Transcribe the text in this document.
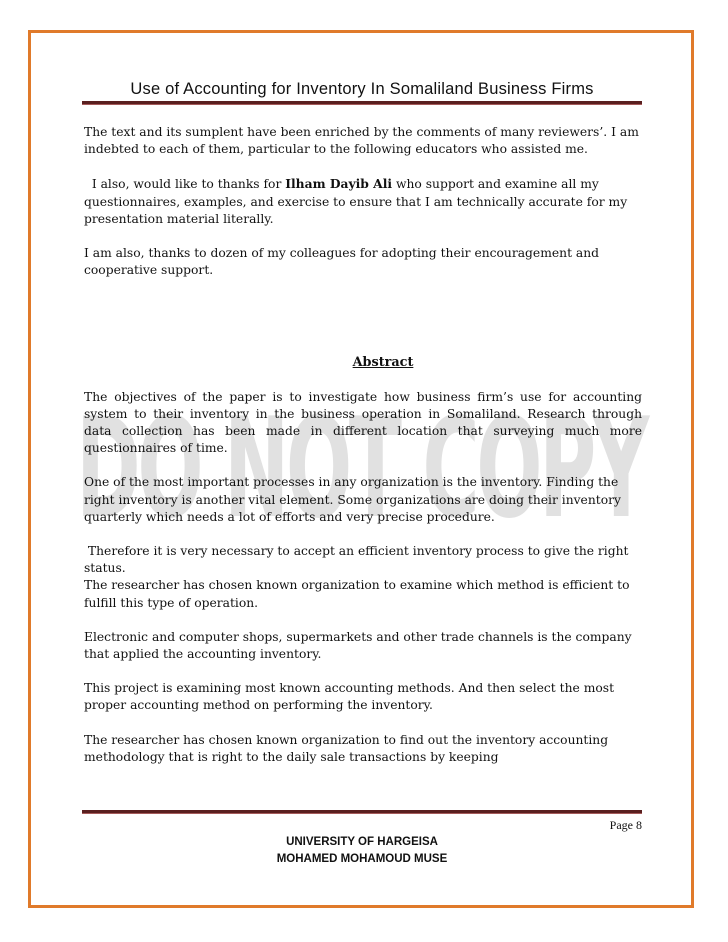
Use of Accounting for Inventory In Somaliland Business Firms
DO NOT COPY

The text and its sumplent have been enriched by the comments of many reviewers’. I am indebted to each of them, particular to the following educators who assisted me.

I also, would like to thanks for Ilham Dayib Ali who support and examine all my questionnaires, examples, and exercise to ensure that I am technically accurate for my presentation material literally.

I am also, thanks to dozen of my colleagues for adopting their encouragement and cooperative support.

Abstract

The objectives of the paper is to investigate how business firm’s use for accounting system to their inventory in the business operation in Somaliland. Research through data collection has been made in different location that surveying much more questionnaires of time.

One of the most important processes in any organization is the inventory. Finding the right inventory is another vital element. Some organizations are doing their inventory quarterly which needs a lot of efforts and very precise procedure.

Therefore it is very necessary to accept an efficient inventory process to give the right status.

The researcher has chosen known organization to examine which method is efficient to fulfill this type of operation.

Electronic and computer shops, supermarkets and other trade channels is the company that applied the accounting inventory.

This project is examining most known accounting methods. And then select the most proper accounting method on performing the inventory.

The researcher has chosen known organization to find out the inventory accounting methodology that is right to the daily sale transactions by keeping

Page 8
UNIVERSITY OF HARGEISA
MOHAMED MOHAMOUD MUSE
